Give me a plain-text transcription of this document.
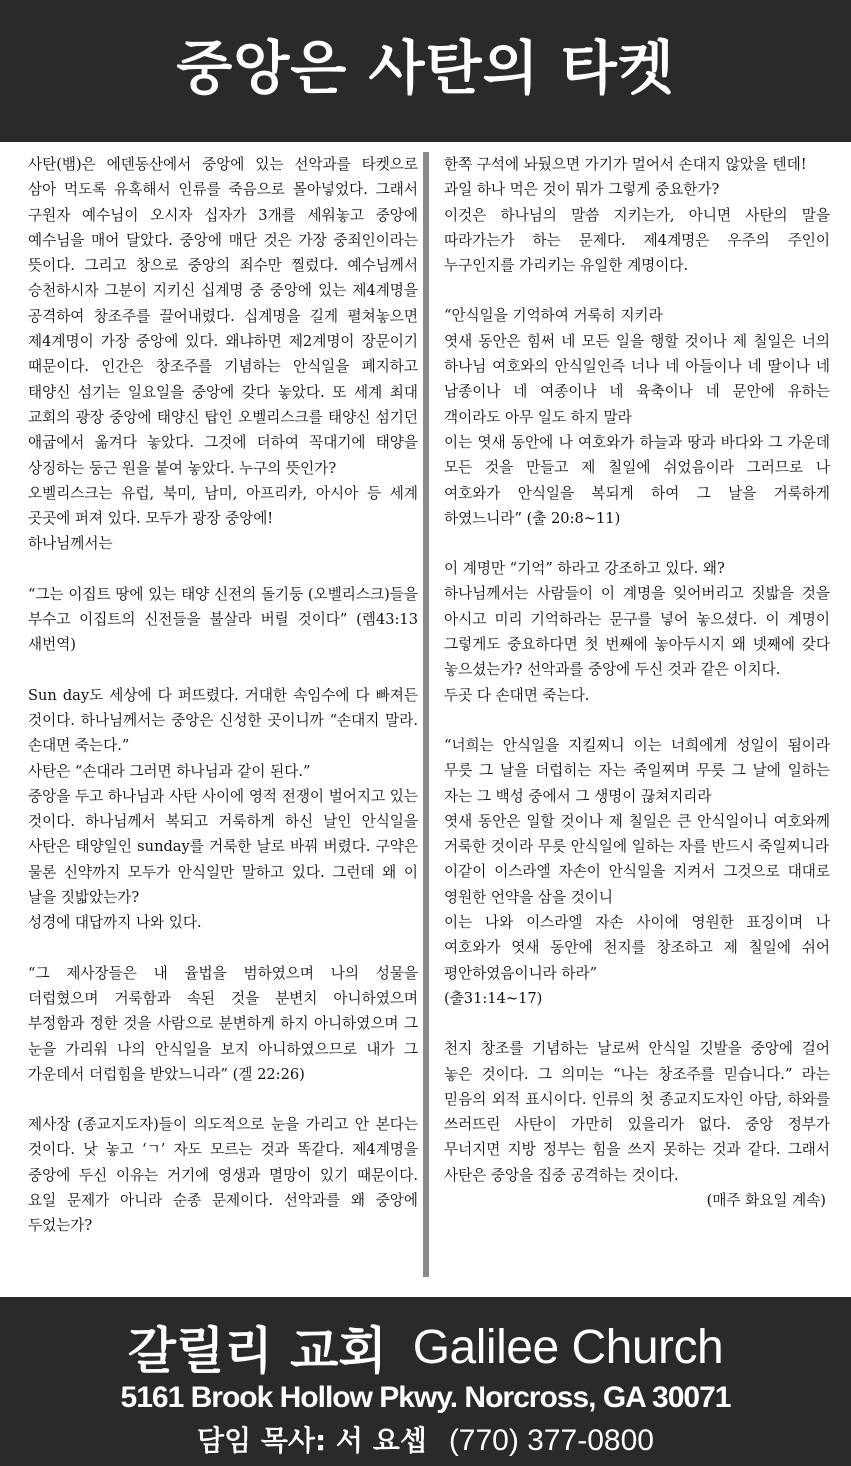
중앙은 사탄의 타켓

사탄(뱀)은 에덴동산에서 중앙에 있는 선악과를 타켓으로 삼아 먹도록 유혹해서 인류를 죽음으로 몰아넣었다. 그래서 구원자 예수님이 오시자 십자가 3개를 세워놓고 중앙에 예수님을 매어 달았다. 중앙에 매단 것은 가장 중죄인이라는 뜻이다. 그리고 창으로 중앙의 죄수만 찔렀다. 예수님께서 승천하시자 그분이 지키신 십계명 중 중앙에 있는 제4계명을 공격하여 창조주를 끌어내렸다. 십계명을 길게 펼쳐놓으면 제4계명이 가장 중앙에 있다. 왜냐하면 제2계명이 장문이기 때문이다. 인간은 창조주를 기념하는 안식일을 폐지하고 태양신 섬기는 일요일을 중앙에 갖다 놓았다. 또 세계 최대 교회의 광장 중앙에 태양신 탑인 오벨리스크를 태양신 섬기던 애굽에서 옮겨다 놓았다. 그것에 더하여 꼭대기에 태양을 상징하는 둥근 원을 붙여 놓았다. 누구의 뜻인가?

오벨리스크는 유럽, 북미, 남미, 아프리카, 아시아 등 세계 곳곳에 퍼져 있다. 모두가 광장 중앙에!

하나님께서는

“그는 이집트 땅에 있는 태양 신전의 돌기둥 (오벨리스크)들을 부수고 이집트의 신전들을 불살라 버릴 것이다” (렘43:13 새번역)

Sun day도 세상에 다 퍼뜨렸다. 거대한 속임수에 다 빠져든 것이다. 하나님께서는 중앙은 신성한 곳이니까 “손대지 말라. 손대면 죽는다.”

사탄은 “손대라 그러면 하나님과 같이 된다.”

중앙을 두고 하나님과 사탄 사이에 영적 전쟁이 벌어지고 있는 것이다. 하나님께서 복되고 거룩하게 하신 날인 안식일을 사탄은 태양일인 sunday를 거룩한 날로 바꿔 버렸다. 구약은 물론 신약까지 모두가 안식일만 말하고 있다. 그런데 왜 이 날을 짓밟았는가?

성경에 대답까지 나와 있다.

“그 제사장들은 내 율법을 범하였으며 나의 성물을 더럽혔으며 거룩함과 속된 것을 분변치 아니하였으며 부정함과 정한 것을 사람으로 분변하게 하지 아니하였으며 그 눈을 가리워 나의 안식일을 보지 아니하였으므로 내가 그 가운데서 더럽힘을 받았느니라” (겔 22:26)

제사장 (종교지도자)들이 의도적으로 눈을 가리고 안 본다는 것이다. 낫 놓고 ‘ㄱ’ 자도 모르는 것과 똑같다. 제4계명을 중앙에 두신 이유는 거기에 영생과 멸망이 있기 때문이다. 요일 문제가 아니라 순종 문제이다. 선악과를 왜 중앙에 두었는가?

한쪽 구석에 놔뒀으면 가기가 멀어서 손대지 않았을 텐데!

과일 하나 먹은 것이 뭐가 그렇게 중요한가?

이것은 하나님의 말씀 지키는가, 아니면 사탄의 말을 따라가는가 하는 문제다. 제4계명은 우주의 주인이 누구인지를 가리키는 유일한 계명이다.

“안식일을 기억하여 거룩히 지키라

엿새 동안은 힘써 네 모든 일을 행할 것이나 제 칠일은 너의 하나님 여호와의 안식일인즉 너나 네 아들이나 네 딸이나 네 남종이나 네 여종이나 네 육축이나 네 문안에 유하는 객이라도 아무 일도 하지 말라

이는 엿새 동안에 나 여호와가 하늘과 땅과 바다와 그 가운데 모든 것을 만들고 제 칠일에 쉬었음이라 그러므로 나 여호와가 안식일을 복되게 하여 그 날을 거룩하게 하였느니라” (출 20:8~11)

이 계명만 “기억” 하라고 강조하고 있다. 왜?

하나님께서는 사람들이 이 계명을 잊어버리고 짓밟을 것을 아시고 미리 기억하라는 문구를 넣어 놓으셨다. 이 계명이 그렇게도 중요하다면 첫 번째에 놓아두시지 왜 넷째에 갖다 놓으셨는가? 선악과를 중앙에 두신 것과 같은 이치다.

두곳 다 손대면 죽는다.

“너희는 안식일을 지킬찌니 이는 너희에게 성일이 됨이라 무릇 그 날을 더럽히는 자는 죽일찌며 무릇 그 날에 일하는 자는 그 백성 중에서 그 생명이 끊쳐지리라

엿새 동안은 일할 것이나 제 칠일은 큰 안식일이니 여호와께 거룩한 것이라 무릇 안식일에 일하는 자를 반드시 죽일찌니라

이같이 이스라엘 자손이 안식일을 지켜서 그것으로 대대로 영원한 언약을 삼을 것이니

이는 나와 이스라엘 자손 사이에 영원한 표징이며 나 여호와가 엿새 동안에 천지를 창조하고 제 칠일에 쉬어 평안하였음이니라 하라”

(출31:14~17)

천지 창조를 기념하는 날로써 안식일 깃발을 중앙에 걸어 놓은 것이다. 그 의미는 “나는 창조주를 믿습니다.” 라는 믿음의 외적 표시이다. 인류의 첫 종교지도자인 아담, 하와를 쓰러뜨린 사탄이 가만히 있을리가 없다. 중앙 정부가 무너지면 지방 정부는 힘을 쓰지 못하는 것과 같다. 그래서 사탄은 중앙을 집중 공격하는 것이다.

(매주 화요일 계속)

갈릴리 교회 Galilee Church
5161 Brook Hollow Pkwy. Norcross, GA 30071
담임 목사: 서 요셉 (770) 377-0800
